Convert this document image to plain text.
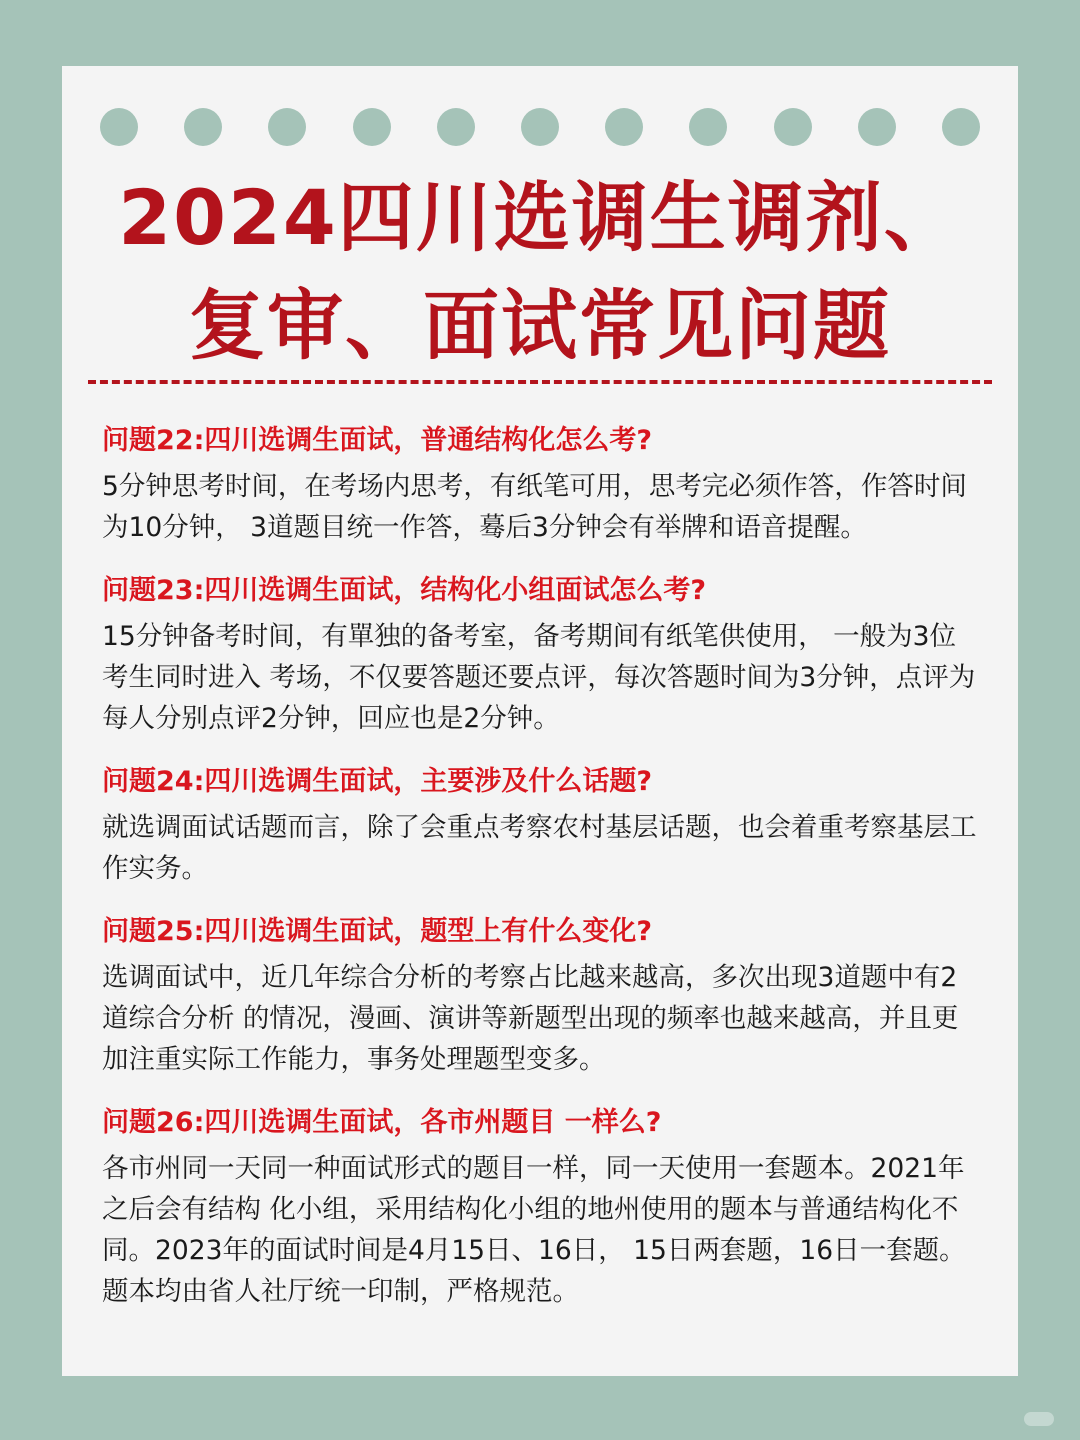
2024四川选调生调剂、
复审、面试常见问题
问题22:四川选调生面试，普通结构化怎么考?
5分钟思考时间，在考场内思考，有纸笔可用，思考完必须作答，作答时间为10分钟， 3道题目统一作答，蓦后3分钟会有举牌和语音提醒。
问题23:四川选调生面试，结构化小组面试怎么考?
15分钟备考时间，有單独的备考室，备考期间有纸笔供使用， 一般为3位考生同时进入 考场，不仅要答题还要点评，每次答题时间为3分钟，点评为每人分别点评2分钟，回应也是2分钟。
问题24:四川选调生面试，主要涉及什么话题?
就选调面试话题而言，除了会重点考察农村基层话题，也会着重考察基层工作实务。
问题25:四川选调生面试，题型上有什么变化?
选调面试中，近几年综合分析的考察占比越来越高，多次出现3道题中有2道综合分析 的情况，漫画、演讲等新题型出现的频率也越来越高，并且更加注重实际工作能力，事务处理题型变多。
问题26:四川选调生面试，各市州题目 一样么?
各市州同一天同一种面试形式的题目一样，同一天使用一套题本。2021年之后会有结构 化小组，采用结构化小组的地州使用的题本与普通结构化不同。2023年的面试时间是4月15日、16日， 15日两套题，16日一套题。题本均由省人社厅统一印制，严格规范。
